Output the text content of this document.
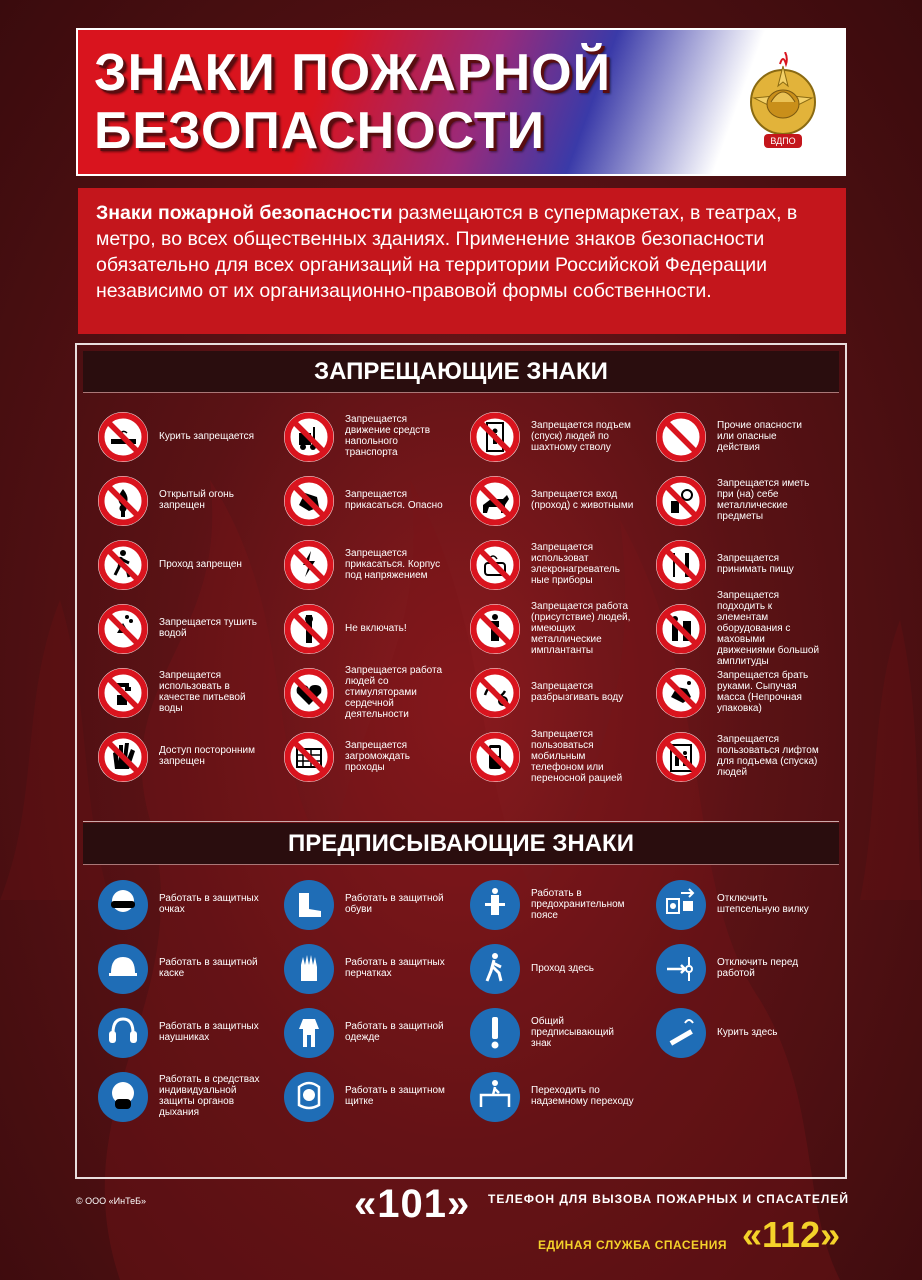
ЗНАКИ ПОЖАРНОЙ БЕЗОПАСНОСТИ	ВДПО
Знаки пожарной безопасности размещаются в супермаркетах, в театрах, в метро, во всех общественных зданиях. Применение знаков безопасности обязательно для всех организаций на территории Российской Федерации независимо от их организационно-правовой формы собственности.
ЗАПРЕЩАЮЩИЕ ЗНАКИ
Курить запрещается
Запрещается движение средств напольного транспорта
Запрещается подъем (спуск) людей по шахтному стволу
Прочие опасности или опасные действия
Открытый огонь запрещен
Запрещается прикасаться. Опасно
Запрещается вход (проход) с животными
Запрещается иметь при (на) себе металлические предметы
Проход запрещен
Запрещается прикасаться. Корпус под напряжением
Запрещается использоват элекронагреватель ные приборы
Запрещается принимать пищу
Запрещается тушить водой	Не включать!
Запрещается работа (присутствие) людей, имеющих металлические имплантанты
Запрещается подходить к элементам оборудования с маховыми движениями большой амплитуды
Запрещается использовать в качестве питьевой воды
Запрещается работа людей со стимуляторами сердечной деятельности
Запрещается разбрызгивать воду
Запрещается брать руками. Сыпучая масса (Непрочная упаковка)
Доступ посторонним запрещен
Запрещается загромождать проходы
Запрещается пользоваться мобильным телефоном или переносной рацией
Запрещается пользоваться лифтом для подъема (спуска) людей
ПРЕДПИСЫВАЮЩИЕ ЗНАКИ
Работать в защитных очках
Работать в защитной обуви
Работать в предохранительном поясе
Отключить штепсельную вилку
Работать в защитной каске
Работать в защитных перчатках	Проход здесь	Отключить перед работой
Работать в защитных наушниках
Работать в защитной одежде
Общий предписывающий знак
Курить здесь
Работать в средствах индивидуальной защиты органов дыхания
Работать в защитном щитке
Переходить по надземному переходу
© ООО «ИнТеБ»	«101» ТЕЛЕФОН ДЛЯ ВЫЗОВА ПОЖАРНЫХ И СПАСАТЕЛЕЙ
ЕДИНАЯ СЛУЖБА СПАСЕНИЯ «112»
